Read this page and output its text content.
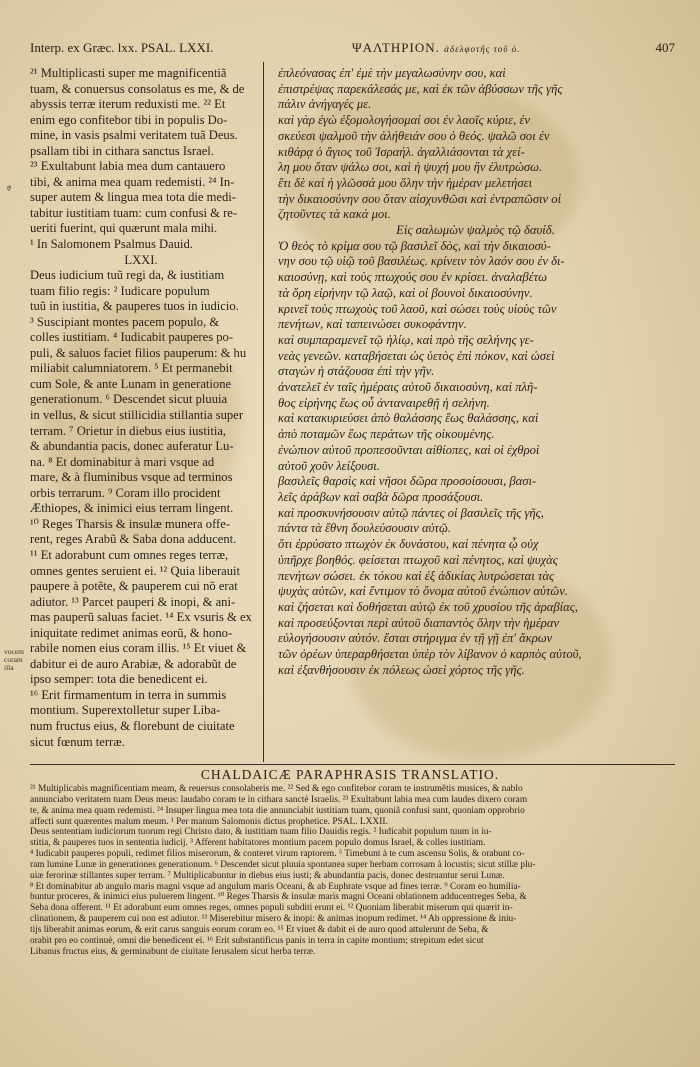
Interp. ex Græc. lxx. PSAL. LXXI.	ΨΑΛΤΗΡΙΟΝ. ἀδελφοτῆς τοῦ ὁ.	407
ࡐ
vocem
coram
illa

²¹ Multiplicasti super me magnificentiã

tuam, & conuersus consolatus es me, & de

abyssis terræ iterum reduxisti me. ²² Et

enim ego confitebor tibi in populis Do-

mine, in vasis psalmi veritatem tuã Deus.

psallam tibi in cithara sanctus Israel.

²³ Exultabunt labia mea dum cantauero

tibi, & anima mea quam redemisti. ²⁴ In-

super autem & lingua mea tota die medi-

tabitur iustitiam tuam: cum confusi & re-

ueriti fuerint, qui quærunt mala mihi.

¹ In Salomonem Psalmus Dauid.

LXXI.

Deus iudicium tuũ regi da, & iustitiam

tuam filio regis: ² Iudicare populum

tuũ in iustitia, & pauperes tuos in iudicio.

³ Suscipiant montes pacem populo, &

colles iustitiam. ⁴ Iudicabit pauperes po-

puli, & saluos faciet filios pauperum: & hu

miliabit calumniatorem. ⁵ Et permanebit

cum Sole, & ante Lunam in generatione

generationum. ⁶ Descendet sicut pluuia

in vellus, & sicut stillicidia stillantia super

terram. ⁷ Orietur in diebus eius iustitia,

& abundantia pacis, donec auferatur Lu-

na. ⁸ Et dominabitur à mari vsque ad

mare, & à fluminibus vsque ad terminos

orbis terrarum. ⁹ Coram illo procident

Æthiopes, & inimici eius terram lingent.

¹⁰ Reges Tharsis & insulæ munera offe-

rent, reges Arabũ & Saba dona adducent.

¹¹ Et adorabunt cum omnes reges terræ,

omnes gentes seruient ei. ¹² Quia liberauit

paupere à potẽte, & pauperem cui nõ erat

adiutor. ¹³ Parcet pauperi & inopi, & ani-

mas pauperũ saluas faciet. ¹⁴ Ex vsuris & ex

iniquitate redimet animas eorũ, & hono-

rabile nomen eius coram illis. ¹⁵ Et viuet &

dabitur ei de auro Arabiæ, & adorabũt de

ipso semper: tota die benedicent ei.

¹⁶ Erit firmamentum in terra in summis

montium. Superextolletur super Liba-

num fructus eius, & florebunt de ciuitate

sicut fœnum terræ.

ἐπλεόνασας ἐπ' ἐμὲ τὴν μεγαλωσύνην σου, καὶ

ἐπιστρέψας παρεκάλεσάς με, καὶ ἐκ τῶν ἀβύσσων τῆς γῆς

πάλιν ἀνήγαγές με.

καὶ γὰρ ἐγὼ ἐξομολογήσομαί σοι ἐν λαοῖς κύριε, ἐν

σκεύεσι ψαλμοῦ τὴν ἀλήθειάν σου ὁ θεός. ψαλῶ σοι ἐν

κιθάρᾳ ὁ ἅγιος τοῦ Ἰσραήλ. ἀγαλλιάσονται τὰ χεί-

λη μου ὅταν ψάλω σοι, καὶ ἡ ψυχή μου ἣν ἐλυτρώσω.

ἔτι δὲ καὶ ἡ γλῶσσά μου ὅλην τὴν ἡμέραν μελετήσει

τὴν δικαιοσύνην σου ὅταν αἰσχυνθῶσι καὶ ἐντραπῶσιν οἱ

ζητοῦντες τὰ κακά μοι.

Εἰς σαλωμὼν ψαλμὸς τῷ δαυίδ.

Ὁ θεὸς τὸ κρίμα σου τῷ βασιλεῖ δὸς, καὶ τὴν δικαιοσύ-

νην σου τῷ υἱῷ τοῦ βασιλέως. κρίνειν τὸν λαόν σου ἐν δι-

καιοσύνῃ, καὶ τοὺς πτωχούς σου ἐν κρίσει. ἀναλαβέτω

τὰ ὄρη εἰρήνην τῷ λαῷ, καὶ οἱ βουνοὶ δικαιοσύνην.

κρινεῖ τοὺς πτωχοὺς τοῦ λαοῦ, καὶ σώσει τοὺς υἱοὺς τῶν

πενήτων, καὶ ταπεινώσει συκοφάντην.

καὶ συμπαραμενεῖ τῷ ἡλίῳ, καὶ πρὸ τῆς σελήνης γε-

νεὰς γενεῶν. καταβήσεται ὡς ὑετὸς ἐπὶ πόκον, καὶ ὡσεὶ

σταγὼν ἡ στάζουσα ἐπὶ τὴν γῆν.

ἀνατελεῖ ἐν ταῖς ἡμέραις αὐτοῦ δικαιοσύνη, καὶ πλῆ-

θος εἰρήνης ἕως οὗ ἀνταναιρεθῇ ἡ σελήνη.

καὶ κατακυριεύσει ἀπὸ θαλάσσης ἕως θαλάσσης, καὶ

ἀπὸ ποταμῶν ἕως περάτων τῆς οἰκουμένης.

ἐνώπιον αὐτοῦ προπεσοῦνται αἰθίοπες, καὶ οἱ ἐχθροὶ

αὐτοῦ χοῦν λείξουσι.

βασιλεῖς θαρσὶς καὶ νῆσοι δῶρα προσοίσουσι, βασι-

λεῖς ἀράβων καὶ σαβὰ δῶρα προσάξουσι.

καὶ προσκυνήσουσιν αὐτῷ πάντες οἱ βασιλεῖς τῆς γῆς,

πάντα τὰ ἔθνη δουλεύσουσιν αὐτῷ.

ὅτι ἐρρύσατο πτωχὸν ἐκ δυνάστου, καὶ πένητα ᾧ οὐχ

ὑπῆρχε βοηθός. φείσεται πτωχοῦ καὶ πένητος, καὶ ψυχὰς

πενήτων σώσει. ἐκ τόκου καὶ ἐξ ἀδικίας λυτρώσεται τὰς

ψυχὰς αὐτῶν, καὶ ἔντιμον τὸ ὄνομα αὐτοῦ ἐνώπιον αὐτῶν.

καὶ ζήσεται καὶ δοθήσεται αὐτῷ ἐκ τοῦ χρυσίου τῆς ἀραβίας,

καὶ προσεύξονται περὶ αὐτοῦ διαπαντὸς ὅλην τὴν ἡμέραν

εὐλογήσουσιν αὐτόν. ἔσται στήριγμα ἐν τῇ γῇ ἐπ' ἄκρων

τῶν ὀρέων ὑπεραρθήσεται ὑπὲρ τὸν λίβανον ὁ καρπὸς αὐτοῦ,

καὶ ἐξανθήσουσιν ἐκ πόλεως ὡσεὶ χόρτος τῆς γῆς.

CHALDAICÆ PARAPHRASIS TRANSLATIO.

²¹ Multiplicabis magnificentiam meam, & reuersus consolaberis me. ²² Sed & ego confitebor coram te instrumẽtis musices, & nablo

annunciabo veritatem tuam Deus meus: laudabo coram te in cithara sanctè Israelis. ²³ Exultabunt labia mea cum laudes dixero coram

te, & anima mea quam redemisti. ²⁴ Insuper lingua mea tota die annunciabit iustitiam tuam, quoniã confusi sunt, quoniam opprobrio

affecti sunt quærentes malum meum. ¹ Per manum Salomonis dictus prophetice. PSAL. LXXII.

Deus sententiam iudiciorum tuorum regi Christo dato, & iustitiam tuam filio Dauidis regis. ² Iudicabit populum tuum in iu-

stitia, & pauperes tuos in sententia iudicij. ³ Afferent habitatores montium pacem populo domus Israel, & colles iustitiam.

⁴ Iudicabit pauperes populi, redimet filios miserorum, & conteret virum raptorem. ⁵ Timebunt à te cum ascensu Solis, & orabunt co-

ram lumine Lunæ in generationes generationum. ⁶ Descendet sicut pluuia spontanea super herbam corrosam à locustis; sicut stillæ plu-

uiæ ferorinæ stillantes super terram. ⁷ Multiplicabuntur in diebus eius iusti; & abundantia pacis, donec destruantur serui Lunæ.

⁸ Et dominabitur ab angulo maris magni vsque ad angulum maris Oceani, & ab Euphrate vsque ad fines terræ. ⁹ Coram eo humilia-

buntur proceres, & inimici eius puluerem lingent. ¹⁰ Reges Tharsis & insulæ maris magni Oceani oblationem adducentreges Seba, &

Seba dona offerent. ¹¹ Et adorabunt eum omnes reges, omnes populi subditi erunt ei. ¹² Quoniam liberabit miserum qui quærit in-

clinationem, & pauperem cui non est adiutor. ¹³ Miserebitur misero & inopi: & animas inopum redimet. ¹⁴ Ab oppressione & iniu-

tijs liberabit animas eorum, & erit carus sanguis eorum coram eo. ¹⁵ Et viuet & dabit ei de auro quod attulerunt de Seba, &

orabit pro eo continuè, omni die benedicent ei. ¹⁶ Erit substantificus panis in terra in capite montium; strepitum edet sicut

Libanus fructus eius, & germinabunt de ciuitate Ierusalem sicut herba terræ.
